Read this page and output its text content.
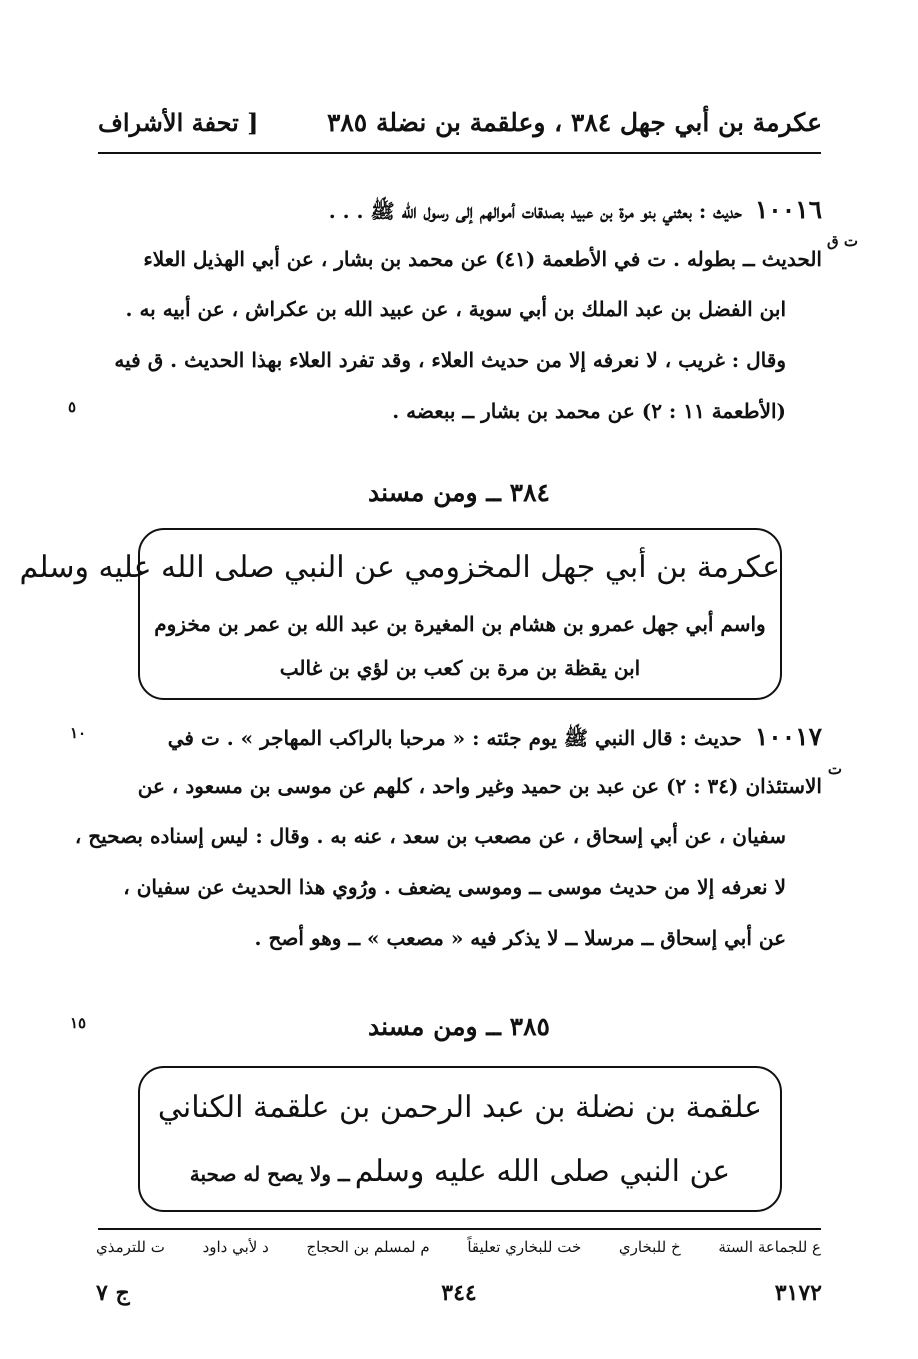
عكرمة بن أبي جهل ٣٨٤ ، وعلقمة بن نضلة ٣٨٥
[ تحفة الأشراف
١٠٠١٦ حديث : بعثني بنو مرة بن عبيد بصدقات أموالهم إلى رسول الله ﷺ . . .
الحديث ــ بطوله . ت في الأطعمة (٤١) عن محمد بن بشار ، عن أبي الهذيل العلاء
ابن الفضل بن عبد الملك بن أبي سوية ، عن عبيد الله بن عكراش ، عن أبيه به .
وقال : غريب ، لا نعرفه إلا من حديث العلاء ، وقد تفرد العلاء بهذا الحديث . ق فيه
(الأطعمة ١١ : ٢) عن محمد بن بشار ــ ببعضه .
ت ق
٥
٣٨٤ ــ ومن مسند
عكرمة بن أبي جهل المخزومي عن النبي صلى الله عليه وسلم
واسم أبي جهل عمرو بن هشام بن المغيرة بن عبد الله بن عمر بن مخزوم
ابن يقظة بن مرة بن كعب بن لؤي بن غالب
١٠٠١٧ حديث : قال النبي ﷺ يوم جئته : « مرحبا بالراكب المهاجر » . ت في
الاستئذان (٣٤ : ٢) عن عبد بن حميد وغير واحد ، كلهم عن موسى بن مسعود ، عن
سفيان ، عن أبي إسحاق ، عن مصعب بن سعد ، عنه به . وقال : ليس إسناده بصحيح ،
لا نعرفه إلا من حديث موسى ــ وموسى يضعف . ورُوي هذا الحديث عن سفيان ،
عن أبي إسحاق ــ مرسلا ــ لا يذكر فيه « مصعب » ــ وهو أصح .
ت
١٠
١٥	٣٨٥ ــ ومن مسند
علقمة بن نضلة بن عبد الرحمن بن علقمة الكناني
عن النبي صلى الله عليه وسلم ــ ولا يصح له صحبة
ع للجماعة الستة
خ للبخاري
خت للبخاري تعليقاً
م لمسلم بن الحجاج
د لأبي داود
ت للترمذي
٣١٧٢
٣٤٤
ج ٧
